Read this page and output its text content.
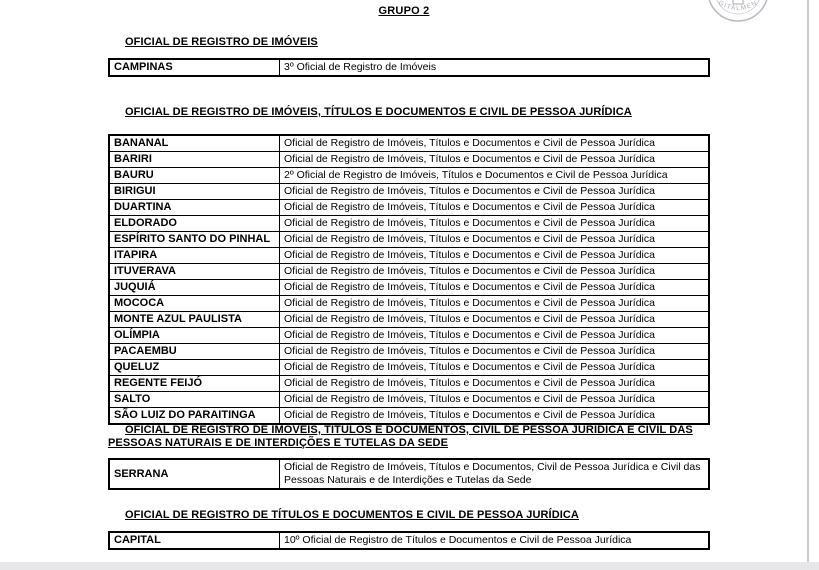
GRUPO 2
GITALMEN
OFICIAL DE REGISTRO DE IMÓVEIS
CAMPINAS	3º Oficial de Registro de Imóveis
OFICIAL DE REGISTRO DE IMÓVEIS, TÍTULOS E DOCUMENTOS E CIVIL DE PESSOA JURÍDICA
BANANAL	Oficial de Registro de Imóveis, Títulos e Documentos e Civil de Pessoa Jurídica
BARIRI	Oficial de Registro de Imóveis, Títulos e Documentos e Civil de Pessoa Jurídica
BAURU	2º Oficial de Registro de Imóveis, Títulos e Documentos e Civil de Pessoa Jurídica
BIRIGUI	Oficial de Registro de Imóveis, Títulos e Documentos e Civil de Pessoa Jurídica
DUARTINA	Oficial de Registro de Imóveis, Títulos e Documentos e Civil de Pessoa Jurídica
ELDORADO	Oficial de Registro de Imóveis, Títulos e Documentos e Civil de Pessoa Jurídica
ESPÍRITO SANTO DO PINHAL	Oficial de Registro de Imóveis, Títulos e Documentos e Civil de Pessoa Jurídica
ITAPIRA	Oficial de Registro de Imóveis, Títulos e Documentos e Civil de Pessoa Jurídica
ITUVERAVA	Oficial de Registro de Imóveis, Títulos e Documentos e Civil de Pessoa Jurídica
JUQUIÁ	Oficial de Registro de Imóveis, Títulos e Documentos e Civil de Pessoa Jurídica
MOCOCA	Oficial de Registro de Imóveis, Títulos e Documentos e Civil de Pessoa Jurídica
MONTE AZUL PAULISTA	Oficial de Registro de Imóveis, Títulos e Documentos e Civil de Pessoa Jurídica
OLÍMPIA	Oficial de Registro de Imóveis, Títulos e Documentos e Civil de Pessoa Jurídica
PACAEMBU	Oficial de Registro de Imóveis, Títulos e Documentos e Civil de Pessoa Jurídica
QUELUZ	Oficial de Registro de Imóveis, Títulos e Documentos e Civil de Pessoa Jurídica
REGENTE FEIJÓ	Oficial de Registro de Imóveis, Títulos e Documentos e Civil de Pessoa Jurídica
SALTO	Oficial de Registro de Imóveis, Títulos e Documentos e Civil de Pessoa Jurídica
SÃO LUIZ DO PARAITINGA	Oficial de Registro de Imóveis, Títulos e Documentos e Civil de Pessoa Jurídica
OFICIAL DE REGISTRO DE IMÓVEIS, TÍTULOS E DOCUMENTOS, CIVIL DE PESSOA JURÍDICA E CIVIL DAS PESSOAS NATURAIS E DE INTERDIÇÕES E TUTELAS DA SEDE
SERRANA	Oficial de Registro de Imóveis, Títulos e Documentos, Civil de Pessoa Jurídica e Civil das Pessoas Naturais e de Interdições e Tutelas da Sede
OFICIAL DE REGISTRO DE TÍTULOS E DOCUMENTOS E CIVIL DE PESSOA JURÍDICA
CAPITAL	10º Oficial de Registro de Títulos e Documentos e Civil de Pessoa Jurídica
